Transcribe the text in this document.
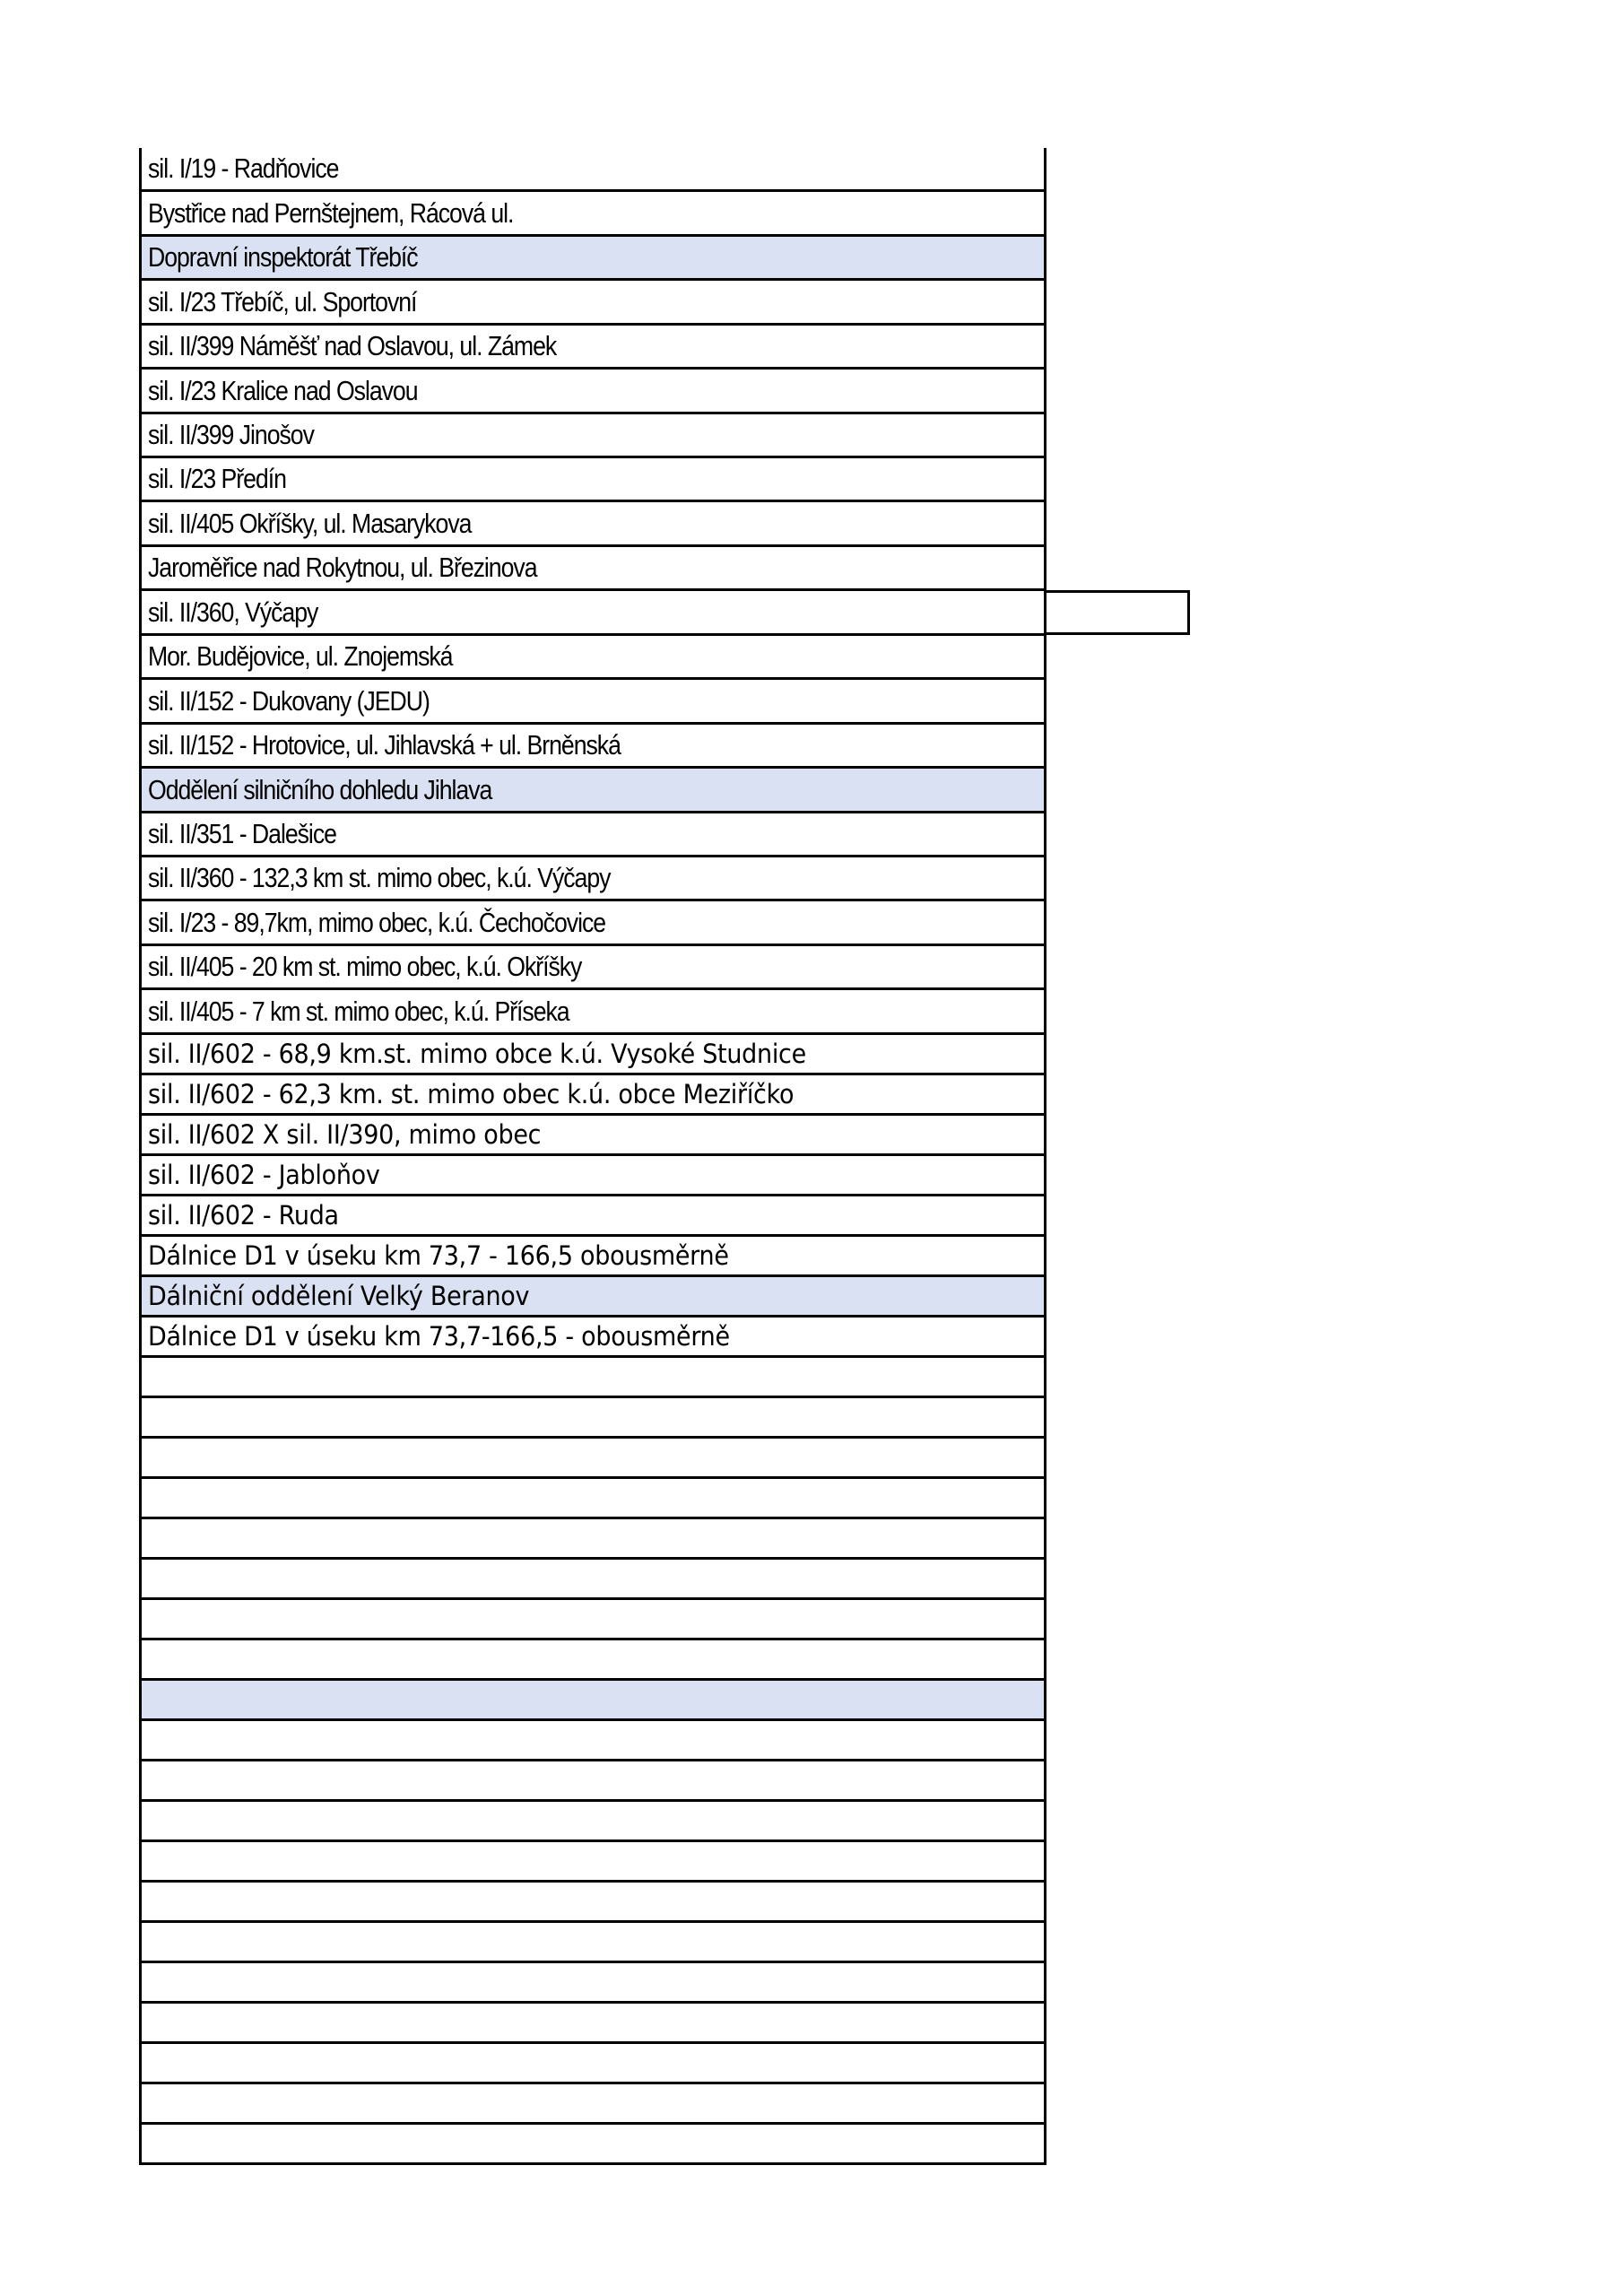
sil. I/19 - Radňovice
Bystřice nad Pernštejnem, Rácová ul.
Dopravní inspektorát Třebíč
sil. I/23 Třebíč, ul. Sportovní
sil. II/399 Náměšť nad Oslavou, ul. Zámek
sil. I/23 Kralice nad Oslavou
sil. II/399 Jinošov
sil. I/23 Předín
sil. II/405 Okříšky, ul. Masarykova
Jaroměřice nad Rokytnou, ul. Březinova
sil. II/360, Výčapy
Mor. Budějovice, ul. Znojemská
sil. II/152 - Dukovany (JEDU)
sil. II/152 - Hrotovice, ul. Jihlavská + ul. Brněnská
Oddělení silničního dohledu Jihlava
sil. II/351 - Dalešice
sil. II/360 - 132,3 km st. mimo obec, k.ú. Výčapy
sil. I/23 - 89,7km, mimo obec, k.ú. Čechočovice
sil. II/405 - 20 km st. mimo obec, k.ú. Okříšky
sil. II/405 - 7 km st. mimo obec, k.ú. Příseka
sil. II/602 - 68,9 km.st. mimo obce k.ú. Vysoké Studnice
sil. II/602 - 62,3 km. st. mimo obec k.ú. obce Meziříčko
sil. II/602 X sil. II/390, mimo obec
sil. II/602 - Jabloňov
sil. II/602 - Ruda
Dálnice D1 v úseku km 73,7 - 166,5 obousměrně
Dálniční oddělení Velký Beranov
Dálnice D1 v úseku km 73,7-166,5 - obousměrně
